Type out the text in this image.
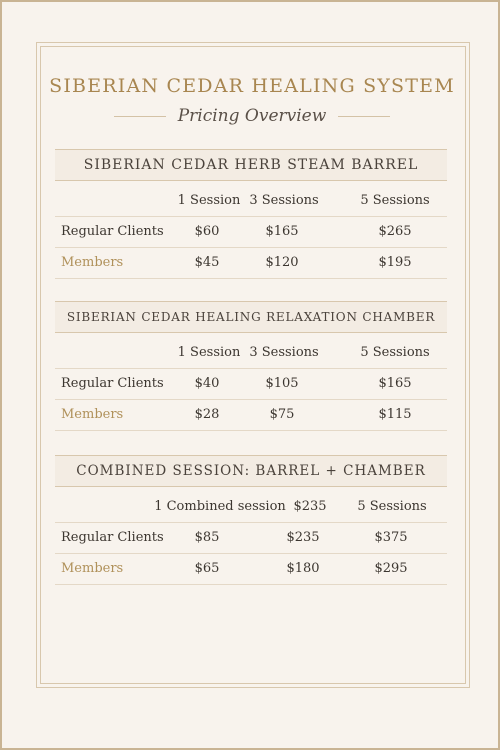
SIBERIAN CEDAR HEALING SYSTEM
Pricing Overview
SIBERIAN CEDAR HERB STEAM BARREL
1 Session 3 Sessions	5 Sessions
Regular Clients $60	$165	$265
Members	$45	$120	$195
SIBERIAN CEDAR HEALING RELAXATION CHAMBER
1 Session 3 Sessions	5 Sessions
Regular Clients $40	$105	$165
Members	$28	$75	$115
COMBINED SESSION: BARREL + CHAMBER
1 Combined session $235 5 Sessions
Regular Clients $85	$235	$375
Members	$65	$180	$295
